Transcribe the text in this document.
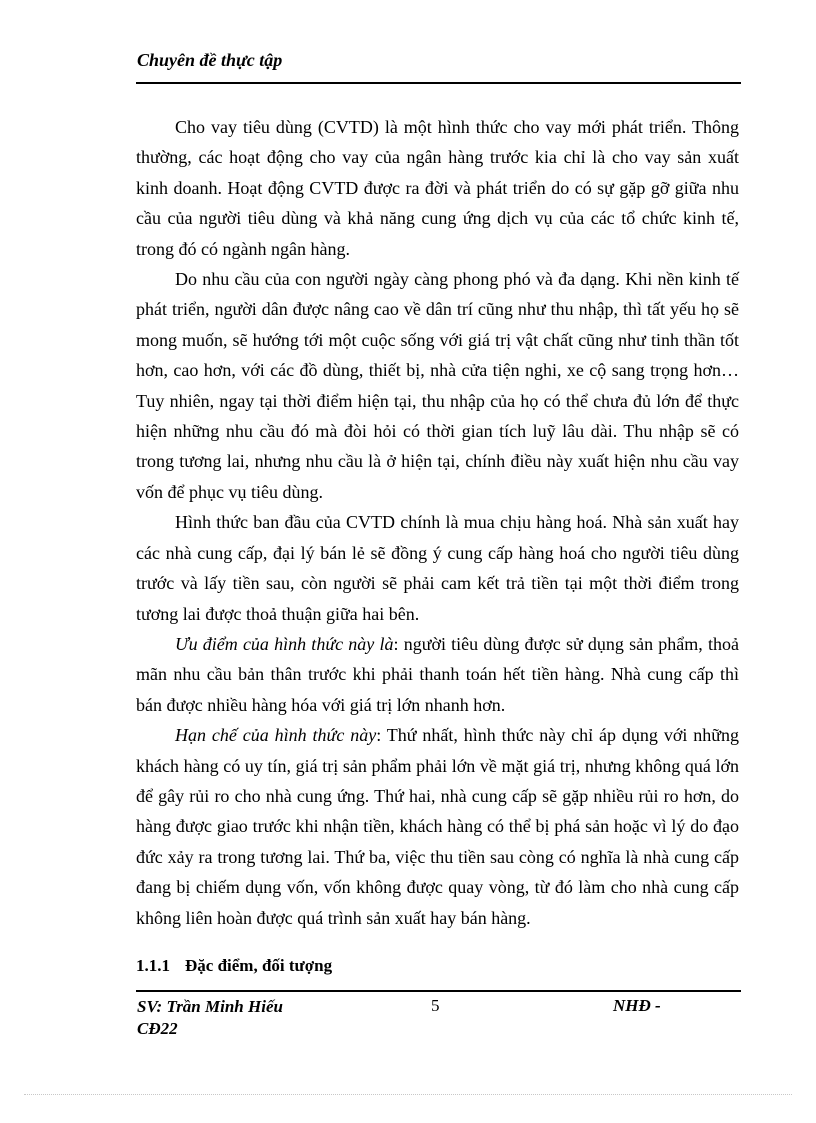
Chuyên đề thực tập

Cho vay tiêu dùng (CVTD) là một hình thức cho vay mới phát triển. Thông thường, các hoạt động cho vay của ngân hàng trước kia chỉ là cho vay sản xuất kinh doanh. Hoạt động CVTD được ra đời và phát triển do có sự gặp gỡ giữa nhu cầu của người tiêu dùng và khả năng cung ứng dịch vụ của các tổ chức kinh tế, trong đó có ngành ngân hàng.

Do nhu cầu của con người ngày càng phong phó và đa dạng. Khi nền kinh tế phát triển, người dân được nâng cao về dân trí cũng như thu nhập, thì tất yếu họ sẽ mong muốn, sẽ hướng tới một cuộc sống với giá trị vật chất cũng như tinh thần tốt hơn, cao hơn, với các đồ dùng, thiết bị, nhà cửa tiện nghi, xe cộ sang trọng hơn… Tuy nhiên, ngay tại thời điểm hiện tại, thu nhập của họ có thể chưa đủ lớn để thực hiện những nhu cầu đó mà đòi hỏi có thời gian tích luỹ lâu dài. Thu nhập sẽ có trong tương lai, nhưng nhu cầu là ở hiện tại, chính điều này xuất hiện nhu cầu vay vốn để phục vụ tiêu dùng.

Hình thức ban đầu của CVTD chính là mua chịu hàng hoá. Nhà sản xuất hay các nhà cung cấp, đại lý bán lẻ sẽ đồng ý cung cấp hàng hoá cho người tiêu dùng trước và lấy tiền sau, còn người sẽ phải cam kết trả tiền tại một thời điểm trong tương lai được thoả thuận giữa hai bên.

Ưu điểm của hình thức này là: người tiêu dùng được sử dụng sản phẩm, thoả mãn nhu cầu bản thân trước khi phải thanh toán hết tiền hàng. Nhà cung cấp thì bán được nhiều hàng hóa với giá trị lớn nhanh hơn.

Hạn chế của hình thức này: Thứ nhất, hình thức này chỉ áp dụng với những khách hàng có uy tín, giá trị sản phẩm phải lớn về mặt giá trị, nhưng không quá lớn để gây rủi ro cho nhà cung ứng. Thứ hai, nhà cung cấp sẽ gặp nhiều rủi ro hơn, do hàng được giao trước khi nhận tiền, khách hàng có thể bị phá sản hoặc vì lý do đạo đức xảy ra trong tương lai. Thứ ba, việc thu tiền sau còng có nghĩa là nhà cung cấp đang bị chiếm dụng vốn, vốn không được quay vòng, từ đó làm cho nhà cung cấp không liên hoàn được quá trình sản xuất hay bán hàng.

1.1.1 Đặc điểm, đối tượng
SV: Trần Minh Hiếu
CĐ22
5	NHĐ -
